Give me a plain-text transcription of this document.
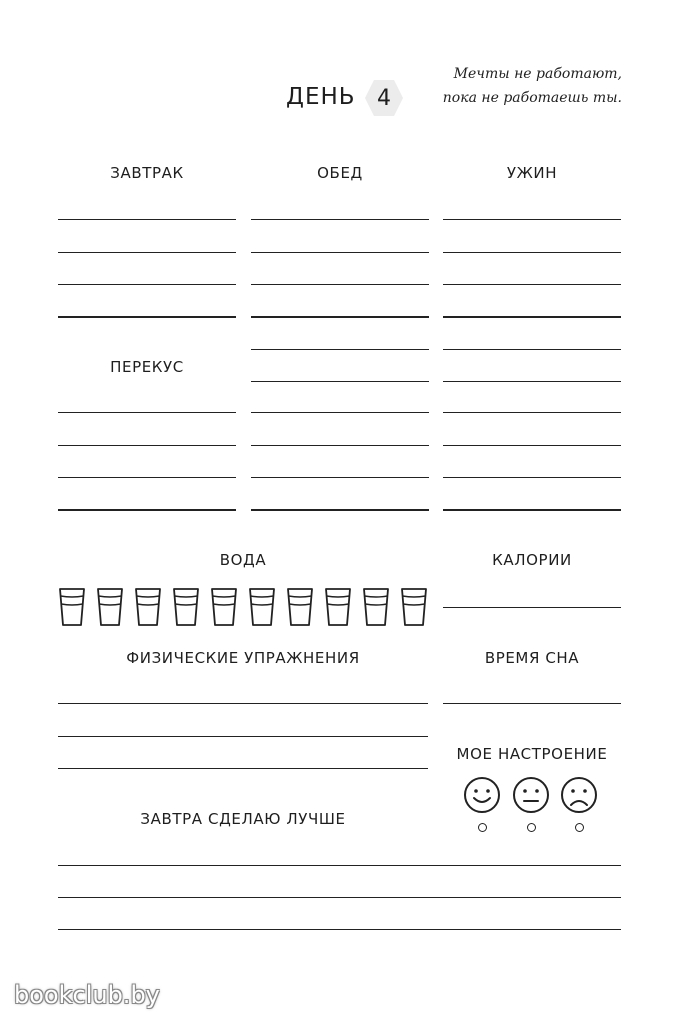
ДЕНЬ 4
Мечты не работают,
пока не работаешь ты.
ЗАВТРАК	ОБЕД	УЖИН
ПЕРЕКУС
ВОДА	КАЛОРИИ
ФИЗИЧЕСКИЕ УПРАЖНЕНИЯ	ВРЕМЯ СНА
МОЕ НАСТРОЕНИЕ
ЗАВТРА СДЕЛАЮ ЛУЧШЕ
bookclub.by
